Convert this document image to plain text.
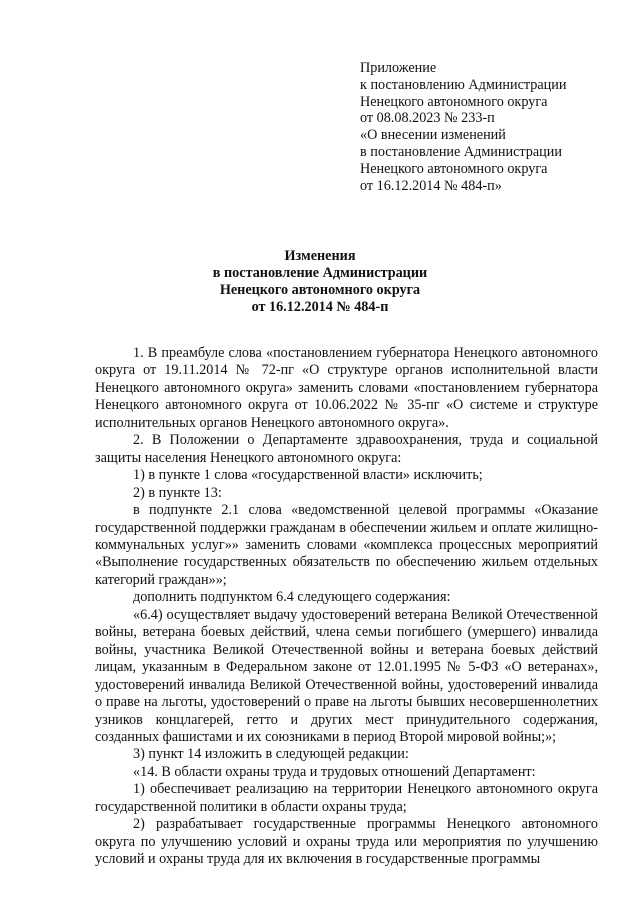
Приложение
к постановлению Администрации
Ненецкого автономного округа
от 08.08.2023 № 233-п
«О внесении изменений
в постановление Администрации
Ненецкого автономного округа
от 16.12.2014 № 484-п»
Изменения
в постановление Администрации
Ненецкого автономного округа
от 16.12.2014 № 484-п

1. В преамбуле слова «постановлением губернатора Ненецкого автономного округа от 19.11.2014 № 72-пг «О структуре органов исполнительной власти Ненецкого автономного округа» заменить словами «постановлением губернатора Ненецкого автономного округа от 10.06.2022 № 35-пг «О системе и структуре исполнительных органов Ненецкого автономного округа».

2. В Положении о Департаменте здравоохранения, труда и социальной защиты населения Ненецкого автономного округа:

1) в пункте 1 слова «государственной власти» исключить;

2) в пункте 13:

в подпункте 2.1 слова «ведомственной целевой программы «Оказание государственной поддержки гражданам в обеспечении жильем и оплате жилищно-коммунальных услуг»» заменить словами «комплекса процессных мероприятий «Выполнение государственных обязательств по обеспечению жильем отдельных категорий граждан»»;

дополнить подпунктом 6.4 следующего содержания:

«6.4) осуществляет выдачу удостоверений ветерана Великой Отечественной войны, ветерана боевых действий, члена семьи погибшего (умершего) инвалида войны, участника Великой Отечественной войны и ветерана боевых действий лицам, указанным в Федеральном законе от 12.01.1995 № 5-ФЗ «О ветеранах», удостоверений инвалида Великой Отечественной войны, удостоверений инвалида о праве на льготы, удостоверений о праве на льготы бывших несовершеннолетних узников концлагерей, гетто и других мест принудительного содержания, созданных фашистами и их союзниками в период Второй мировой войны;»;

3) пункт 14 изложить в следующей редакции:

«14. В области охраны труда и трудовых отношений Департамент:

1) обеспечивает реализацию на территории Ненецкого автономного округа государственной политики в области охраны труда;

2) разрабатывает государственные программы Ненецкого автономного округа по улучшению условий и охраны труда или мероприятия по улучшению условий и охраны труда для их включения в государственные программы
